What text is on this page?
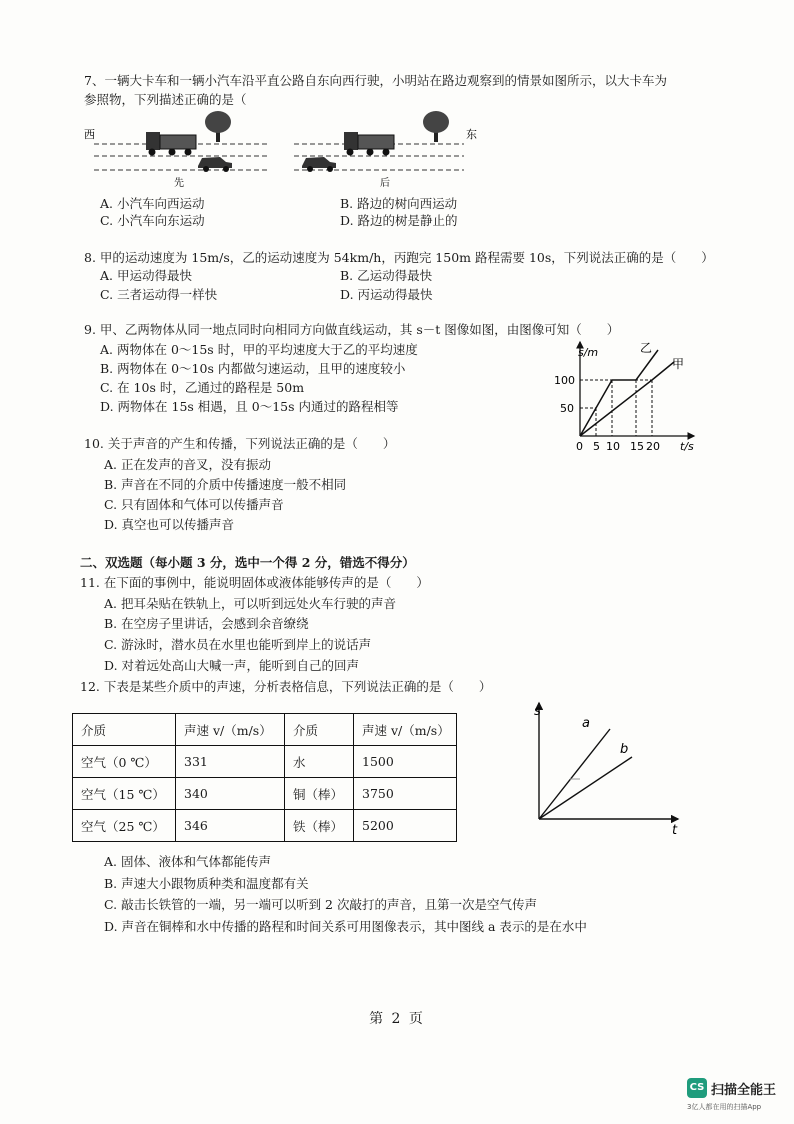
7、一辆大卡车和一辆小汽车沿平直公路自东向西行驶，小明站在路边观察到的情景如图所示，以大卡车为
参照物，下列描述正确的是（
西	东
先	后
A. 小汽车向西运动	B. 路边的树向西运动
C. 小汽车向东运动	D. 路边的树是静止的
8. 甲的运动速度为 15m/s，乙的运动速度为 54km/h，丙跑完 150m 路程需要 10s，下列说法正确的是（　　）
A. 甲运动得最快	B. 乙运动得最快
C. 三者运动得一样快	D. 丙运动得最快
9. 甲、乙两物体从同一地点同时向相同方向做直线运动，其 s－t 图像如图，由图像可知（　　）
A. 两物体在 0～15s 时，甲的平均速度大于乙的平均速度
B. 两物体在 0～10s 内都做匀速运动，且甲的速度较小
C. 在 10s 时，乙通过的路程是 50m
D. 两物体在 15s 相遇，且 0～15s 内通过的路程相等
s/m
t/s
乙
甲
100
50
0 5 10 15 20
10. 关于声音的产生和传播，下列说法正确的是（　　）
A. 正在发声的音叉，没有振动
B. 声音在不同的介质中传播速度一般不相同
C. 只有固体和气体可以传播声音
D. 真空也可以传播声音
二、双选题（每小题 3 分，选中一个得 2 分，错选不得分）
11. 在下面的事例中，能说明固体或液体能够传声的是（　　）
A. 把耳朵贴在铁轨上，可以听到远处火车行驶的声音
B. 在空房子里讲话，会感到余音缭绕
C. 游泳时，潜水员在水里也能听到岸上的说话声
D. 对着远处高山大喊一声，能听到自己的回声
12. 下表是某些介质中的声速，分析表格信息，下列说法正确的是（　　）
介质	声速 v/（m/s）	介质	声速 v/（m/s）
空气（0 ℃）	331	水	1500
空气（15 ℃）	340	铜（棒）	3750
空气（25 ℃）	346	铁（棒）	5200
s
t
a
b
A. 固体、液体和气体都能传声
B. 声速大小跟物质种类和温度都有关
C. 敲击长铁管的一端，另一端可以听到 2 次敲打的声音，且第一次是空气传声
D. 声音在铜棒和水中传播的路程和时间关系可用图像表示，其中图线 a 表示的是在水中
第 2 页
CS 扫描全能王
3亿人都在用的扫描App
